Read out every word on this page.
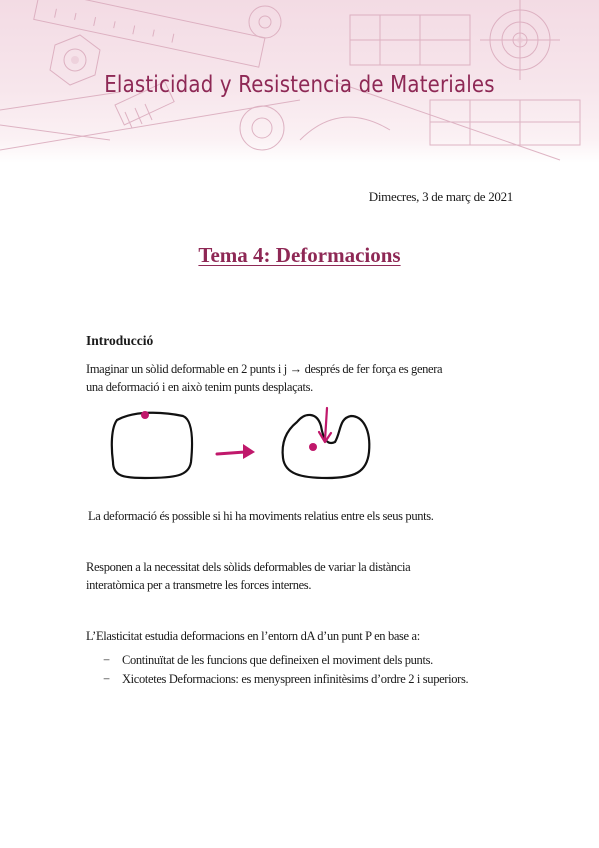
Elasticidad y Resistencia de Materiales
Dimecres, 3 de març de 2021
Tema 4: Deformacions
Introducció
Imaginar un sòlid deformable en 2 punts i j → després de fer força es genera
una deformació i en això tenim punts desplaçats.
La deformació és possible si hi ha moviments relatius entre els seus punts.
Responen a la necessitat dels sòlids deformables de variar la distància
interatòmica per a transmetre les forces internes.
L’Elasticitat estudia deformacions en l’entorn dA d’un punt P en base a:
− Continuïtat de les funcions que defineixen el moviment dels punts.
− Xicotetes Deformacions: es menyspreen infinitèsims d’ordre 2 i superiors.
